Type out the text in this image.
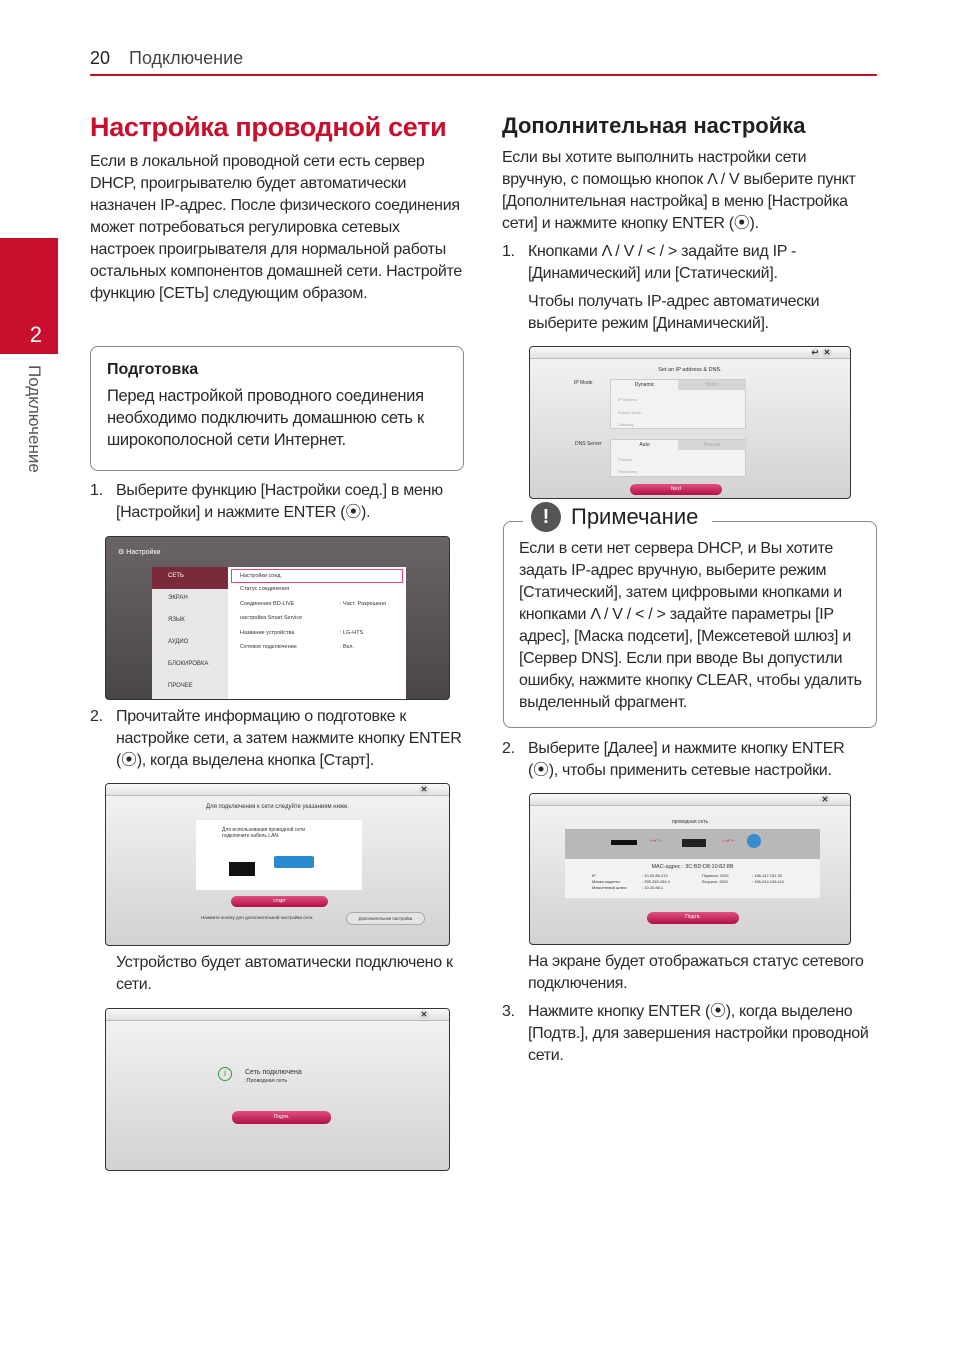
20 Подключение
2
Подключение
Настройка проводной сети

Если в локальной проводной сети есть сервер DHCP, проигрывателю будет автоматически назначен IP-адрес. После физического соединения может потребоваться регулировка сетевых настроек проигрывателя для нормальной работы остальных компонентов домашней сети. Настройте функцию [СЕТЬ] следующим образом.

Подготовка

Перед настройкой проводного соединения необходимо подключить домашнюю сеть к широкополосной сети Интернет.

1. Выберите функцию [Настройки соед.] в меню [Настройки] и нажмите ENTER (⦿).
⚙ Настройки
СЕТЬ
ЭКРАН
ЯЗЫК
АУДИО
БЛОКИРОВКА
ПРОЧЕЕ
Настройки соед.
Статус соединения
Соединение BD-LIVE	: Част. Разрешено
настройка Smart Service
Название устройства	: LG-HTS
Сетевое подключение	: Вкл.
2. Прочитайте информацию о подготовке к настройке сети, а затем нажмите кнопку ENTER (⦿), когда выделена кнопка [Старт].
✕
Для подключения к сети следуйте указаниям ниже.
Для использования проводной сети подключите кабель LAN.
старт
Нажмите кнопку для дополнительной настройки сети.	Дополнительная настройка

Устройство будет автоматически подключено к сети.

✕
i	Сеть подключена
:Проводная сеть
Подтв.
Дополнительная настройка

Если вы хотите выполнить настройки сети вручную, с помощью кнопок Λ / V выберите пункт [Дополнительная настройка] в меню [Настройка сети] и нажмите кнопку ENTER (⦿).

1. Кнопками Λ / V / < / > задайте вид IP - [Динамический] или [Статический].

Чтобы получать IP-адрес автоматически выберите режим [Динамический].

↩ ✕
Set an IP address & DNS.
IP Mode	Dynamic	Static
IP Address
Subnet Mask
Gateway
DNS Server	Auto	Manual
Primary
Secondary
Next
! Примечание

Если в сети нет сервера DHCP, и Вы хотите задать IP-адрес вручную, выберите режим [Статический], затем цифровыми кнопками и кнопками Λ / V / < / > задайте параметры [IP адрес], [Маска подсети], [Межсетевой шлюз] и [Сервер DNS]. Если при вводе Вы допустили ошибку, нажмите кнопку CLEAR, чтобы удалить выделенный фрагмент.

2. Выберите [Далее] и нажмите кнопку ENTER (⦿), чтобы применить сетевые настройки.
✕
проводная сеть
›››✔›››	›››✔›››
MAC-адрес : 3C:BD:D8:10:82:8B
IP	: 10.20.86.213	Первичн. DNS	: 156.147.151.33
Маска подсети	: 255.255.254.0	Вторичн. DNS	: 156.244.108.110
Межсетевой шлюз	: 10.20.86.1
Подтв.

На экране будет отображаться статус сетевого подключения.

3. Нажмите кнопку ENTER (⦿), когда выделено [Подтв.], для завершения настройки проводной сети.
